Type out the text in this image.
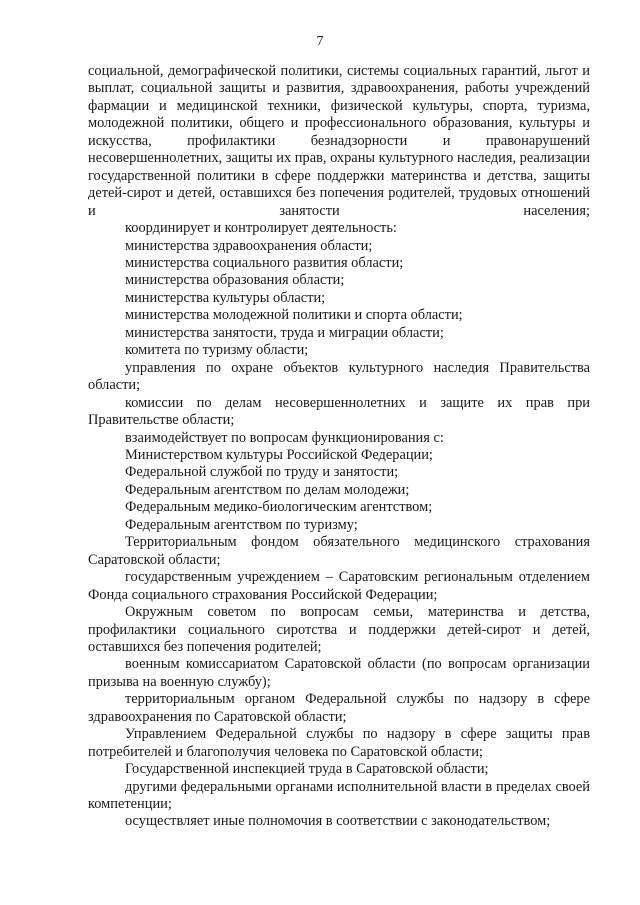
7

социальной, демографической политики, системы социальных гарантий, льгот и выплат, социальной защиты и развития, здравоохранения, работы учреждений фармации и медицинской техники, физической культуры, спорта, туризма, молодежной политики, общего и профессионального образования, культуры и искусства, профилактики безнадзорности и правонарушений несовершеннолетних, защиты их прав, охраны культурного наследия, реализации государственной политики в сфере поддержки материнства и детства, защиты детей-сирот и детей, оставшихся без попечения родителей, трудовых отношений и занятости населения;

координирует и контролирует деятельность:

министерства здравоохранения области;

министерства социального развития области;

министерства образования области;

министерства культуры области;

министерства молодежной политики и спорта области;

министерства занятости, труда и миграции области;

комитета по туризму области;

управления по охране объектов культурного наследия Правительства области;

комиссии по делам несовершеннолетних и защите их прав при Правительстве области;

взаимодействует по вопросам функционирования с:

Министерством культуры Российской Федерации;

Федеральной службой по труду и занятости;

Федеральным агентством по делам молодежи;

Федеральным медико-биологическим агентством;

Федеральным агентством по туризму;

Территориальным фондом обязательного медицинского страхования Саратовской области;

государственным учреждением – Саратовским региональным отделением Фонда социального страхования Российской Федерации;

Окружным советом по вопросам семьи, материнства и детства, профилактики социального сиротства и поддержки детей-сирот и детей, оставшихся без попечения родителей;

военным комиссариатом Саратовской области (по вопросам организации призыва на военную службу);

территориальным органом Федеральной службы по надзору в сфере здравоохранения по Саратовской области;

Управлением Федеральной службы по надзору в сфере защиты прав потребителей и благополучия человека по Саратовской области;

Государственной инспекцией труда в Саратовской области;

другими федеральными органами исполнительной власти в пределах своей компетенции;

осуществляет иные полномочия в соответствии с законодательством;
